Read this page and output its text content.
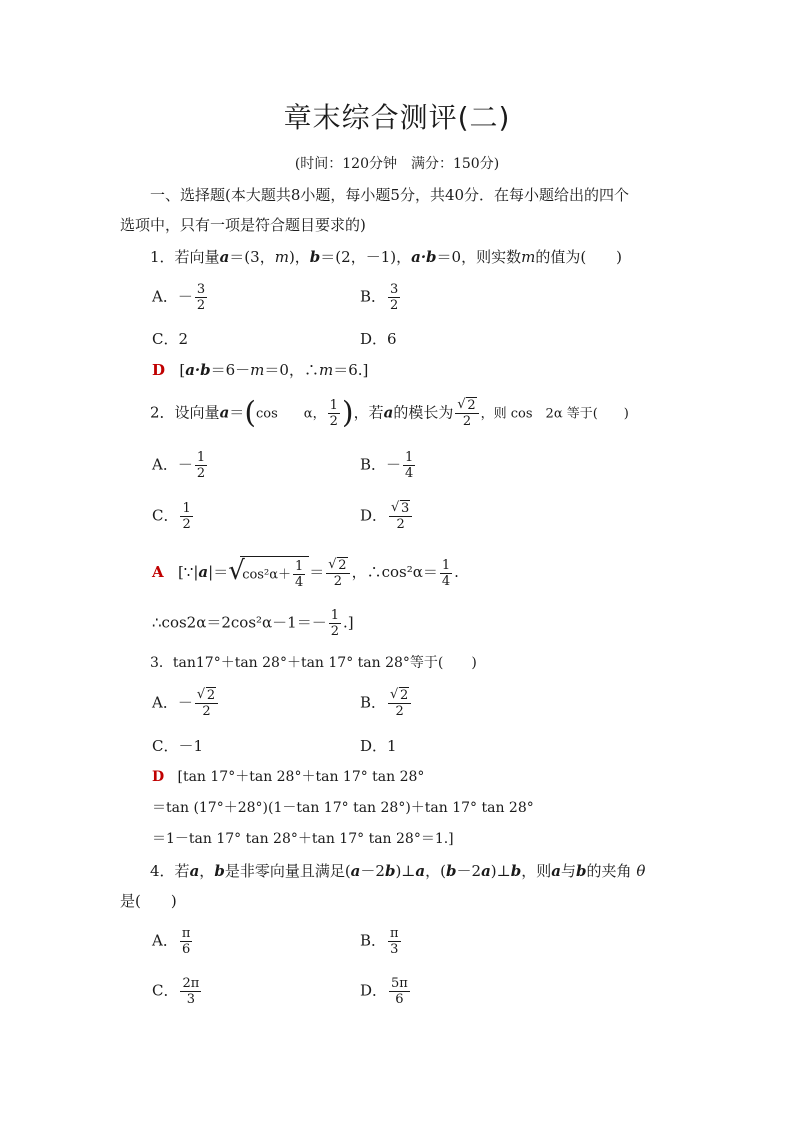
章末综合测评(二)
(时间：120分钟　满分：150分)
一、选择题(本大题共8小题，每小题5分，共40分．在每小题给出的四个
选项中，只有一项是符合题目要求的)
1．若向量a＝(3，m)，b＝(2，－1)，a·b＝0，则实数m的值为(　　)
A．－ $\frac{3}{2}$	B． $\frac{3}{2}$
C．2	D．6
D [a·b＝6－m＝0，∴m＝6.]
2．设向量a＝(cos　　α， $\frac{1}{2}$ )，若a的模长为 √ $\frac{2}{2}$ ，则 cos　2α 等于(　　)
A．－ $\frac{1}{2}$	B．－ $\frac{1}{4}$
C． $\frac{1}{2}$	D． √ $\frac{3}{2}$
A [∵|a|＝ √ $\cos^2\alpha+ \frac{1}{4}$ ＝ √ $\frac{2}{2}$ ，∴cos²α＝ $\frac{1}{4}$ .
∴cos2α＝2cos²α－1＝－ $\frac{1}{2}$ .]
3．tan17°＋tan 28°＋tan 17° tan 28°等于(　　)
A．－ √ $\frac{2}{2}$	B． √ $\frac{2}{2}$
C．－1	D．1
D [tan 17°＋tan 28°＋tan 17° tan 28°
＝tan (17°＋28°)(1－tan 17° tan 28°)＋tan 17° tan 28°
＝1－tan 17° tan 28°＋tan 17° tan 28°＝1.]
4．若a，b是非零向量且满足(a－2b)⊥a，(b－2a)⊥b，则a与b的夹角 θ
是(　　)
A． $\frac{\pi}{6}$	B． $\frac{\pi}{3}$
C． $\frac{2\pi}{3}$	D． $\frac{5\pi}{6}$
